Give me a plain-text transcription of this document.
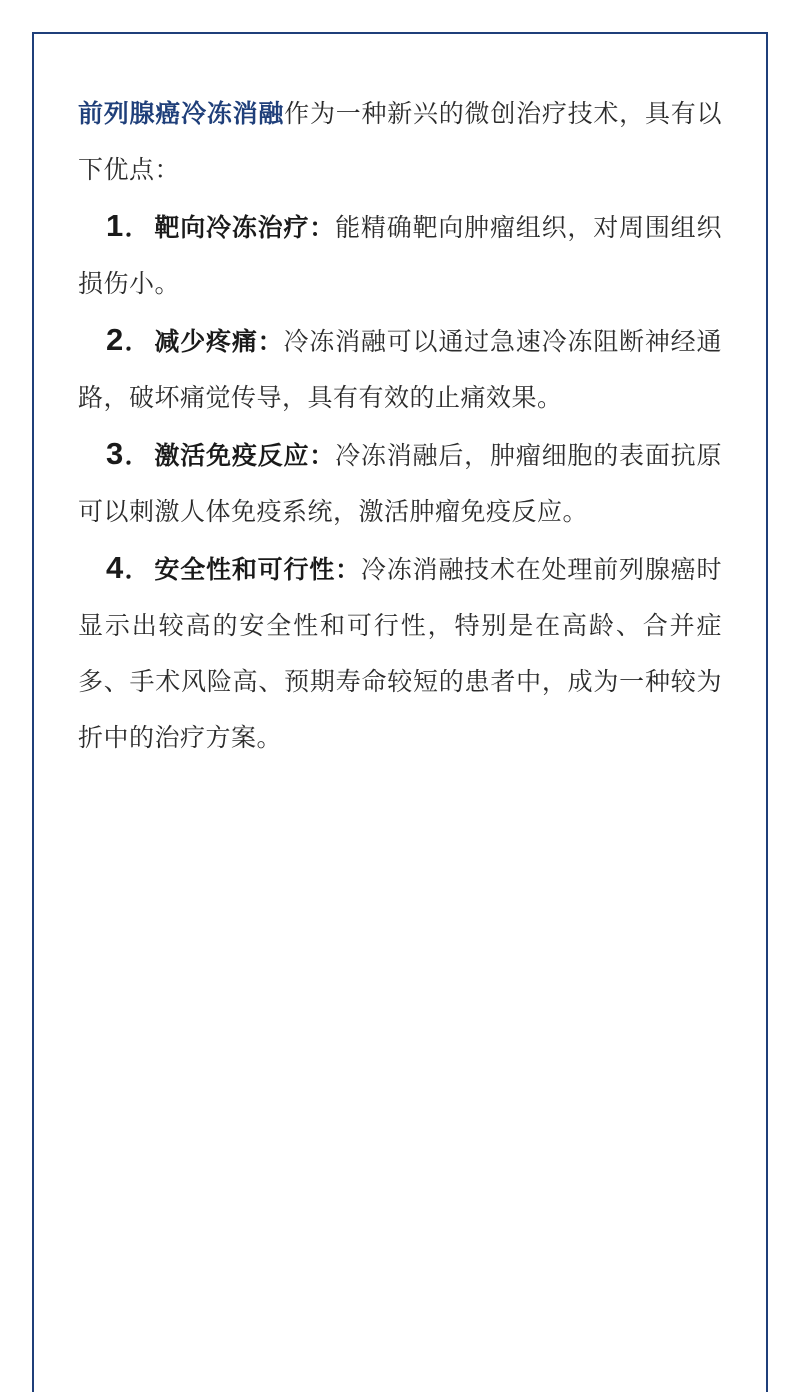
前列腺癌冷冻消融作为一种新兴的微创治疗技术，具有以下优点：

1． 靶向冷冻治疗：能精确靶向肿瘤组织，对周围组织损伤小。

2． 减少疼痛：冷冻消融可以通过急速冷冻阻断神经通路，破坏痛觉传导，具有有效的止痛效果。

3． 激活免疫反应：冷冻消融后，肿瘤细胞的表面抗原可以刺激人体免疫系统，激活肿瘤免疫反应。

4． 安全性和可行性：冷冻消融技术在处理前列腺癌时显示出较高的安全性和可行性，特别是在高龄、合并症多、手术风险高、预期寿命较短的患者中，成为一种较为折中的治疗方案。
